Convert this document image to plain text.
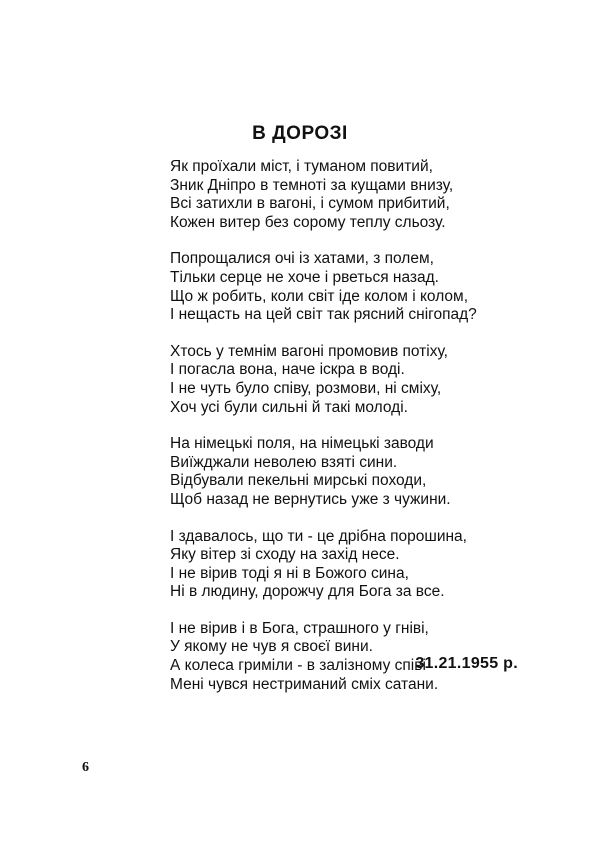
В ДОРОЗІ
Як проїхали міст, і туманом повитий,
Зник Дніпро в темноті за кущами внизу,
Всі затихли в вагоні, і сумом прибитий,
Кожен витер без сорому теплу сльозу.
Попрощалися очі із хатами, з полем,
Тільки серце не хоче і рветься назад.
Що ж робить, коли світ іде колом і колом,
І нещасть на цей світ так рясний снігопад?
Хтось у темнім вагоні промовив потіху,
І погасла вона, наче іскра в воді.
І не чуть було співу, розмови, ні сміху,
Хоч усі були сильні й такі молоді.
На німецькі поля, на німецькі заводи
Виїжджали неволею взяті сини.
Відбували пекельні мирські походи,
Щоб назад не вернутись уже з чужини.
І здавалось, що ти - це дрібна порошина,
Яку вітер зі сходу на захід несе.
І не вірив тоді я ні в Божого сина,
Ні в людину, дорожчу для Бога за все.
І не вірив і в Бога, страшного у гніві,
У якому не чув я своєї вини.
А колеса гриміли - в залізному співі
Мені чувся нестриманий сміх сатани.
31.21.1955 р.
6
